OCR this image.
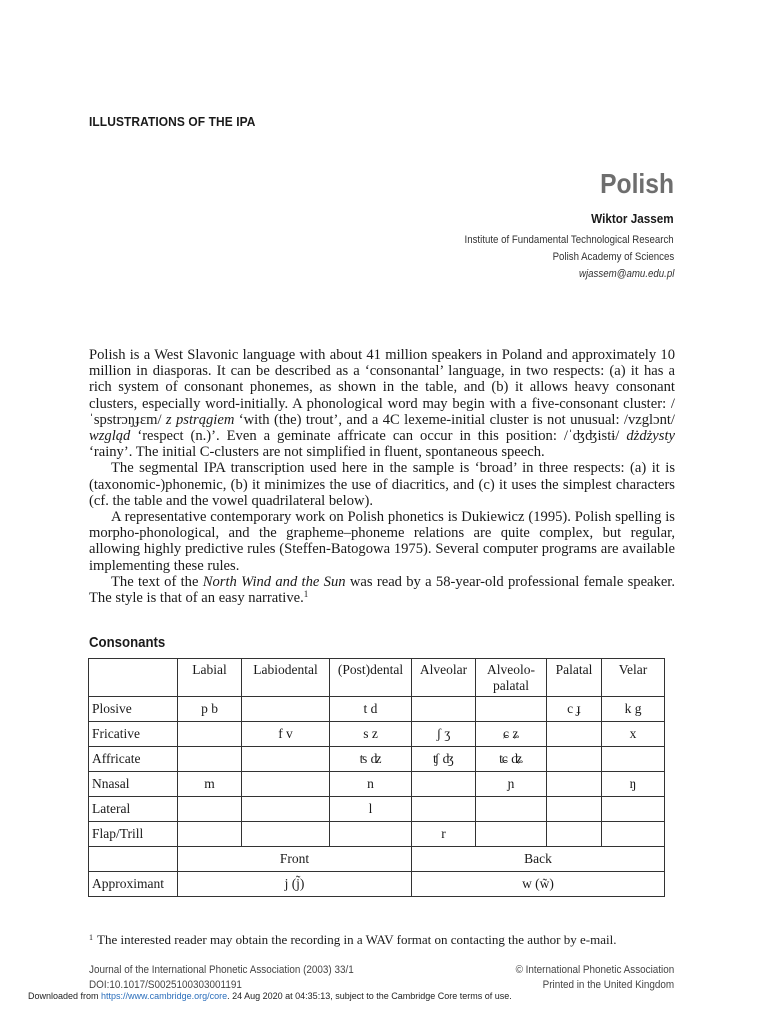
ILLUSTRATIONS OF THE IPA
Polish
Wiktor Jassem
Institute of Fundamental Technological Research
Polish Academy of Sciences
wjassem@amu.edu.pl

Polish is a West Slavonic language with about 41 million speakers in Poland and approximately 10 million in diasporas. It can be described as a ‘consonantal’ language, in two respects: (a) it has a rich system of consonant phonemes, as shown in the table, and (b) it allows heavy consonant clusters, especially word-initially. A phonological word may begin with a five-consonant cluster: /ˈspstrɔŋɟɛm/ z pstrągiem ‘with (the) trout’, and a 4C lexeme-initial cluster is not unusual: /vzglɔnt/ wzgląd ‘respect (n.)’. Even a geminate affricate can occur in this position: /ˈʤʤistɨ/ dżdżysty ‘rainy’. The initial C-clusters are not simplified in fluent, spontaneous speech.

The segmental IPA transcription used here in the sample is ‘broad’ in three respects: (a) it is (taxonomic-)phonemic, (b) it minimizes the use of diacritics, and (c) it uses the simplest characters (cf. the table and the vowel quadrilateral below).

A representative contemporary work on Polish phonetics is Dukiewicz (1995). Polish spelling is morpho-phonological, and the grapheme–phoneme relations are quite complex, but regular, allowing highly predictive rules (Steffen-Batogowa 1975). Several computer programs are available implementing these rules.

The text of the North Wind and the Sun was read by a 58-year-old professional female speaker. The style is that of an easy narrative.$^1$

Consonants
	Labial	Labiodental	(Post)dental	Alveolar	Alveolo-palatal	Palatal	Velar
Plosive	p b		t d			c ɟ	k g
Fricative		f v	s z	ʃ ʒ	ɕ ʑ		x
Affricate			ʦ ʣ	ʧ ʤ	ʨ ʥ		
Nnasal	m		n		ɲ		ŋ
Lateral			l				
Flap/Trill				r			
	Front			Back			
Approximant	j (j̃)			w (w̃)			
$^1$ The interested reader may obtain the recording in a WAV format on contacting the author by e-mail.
Journal of the International Phonetic Association (2003) 33/1
DOI:10.1017/S0025100303001191
© International Phonetic Association
Printed in the United Kingdom
Downloaded from https://www.cambridge.org/core. 24 Aug 2020 at 04:35:13, subject to the Cambridge Core terms of use.
